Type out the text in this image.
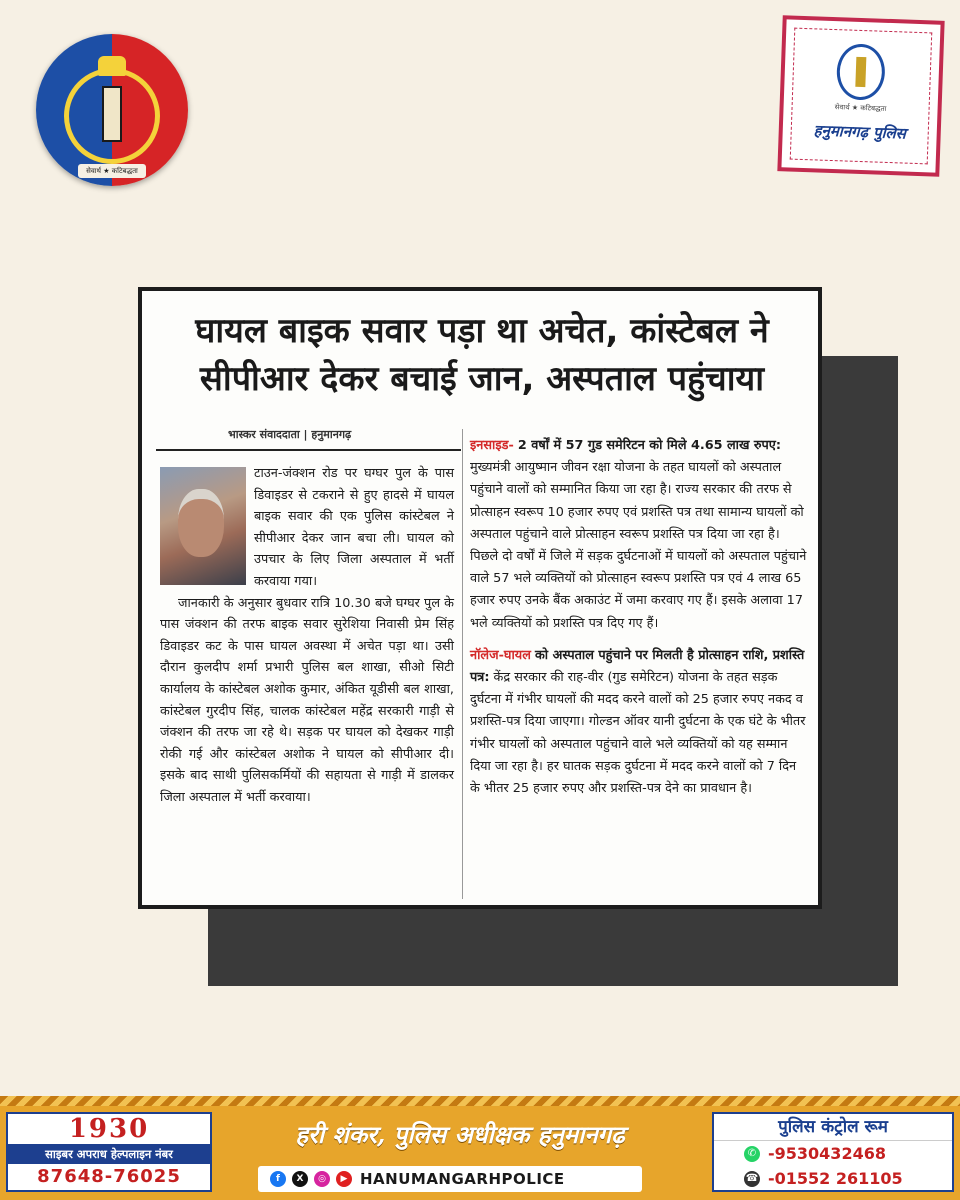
सेवार्थ ★ कटिबद्धता
सेवार्थ ★ कटिबद्धता
हनुमानगढ़ पुलिस
घायल बाइक सवार पड़ा था अचेत, कांस्टेबल ने
सीपीआर देकर बचाई जान, अस्पताल पहुंचाया
भास्कर संवाददाता | हनुमानगढ़
टाउन-जंक्शन रोड पर घग्घर पुल के पास डिवाइडर से टकराने से हुए हादसे में घायल बाइक सवार की एक पुलिस कांस्टेबल ने सीपीआर देकर जान बचा ली। घायल को उपचार के लिए जिला अस्पताल में भर्ती करवाया गया।
जानकारी के अनुसार बुधवार रात्रि 10.30 बजे घग्घर पुल के पास जंक्शन की तरफ बाइक सवार सुरेशिया निवासी प्रेम सिंह डिवाइडर कट के पास घायल अवस्था में अचेत पड़ा था। उसी दौरान कुलदीप शर्मा प्रभारी पुलिस बल शाखा, सीओ सिटी कार्यालय के कांस्टेबल अशोक कुमार, अंकित यूडीसी बल शाखा, कांस्टेबल गुरदीप सिंह, चालक कांस्टेबल महेंद्र सरकारी गाड़ी से जंक्शन की तरफ जा रहे थे। सड़क पर घायल को देखकर गाड़ी रोकी गई और कांस्टेबल अशोक ने घायल को सीपीआर दी। इसके बाद साथी पुलिसकर्मियों की सहायता से गाड़ी में डालकर जिला अस्पताल में भर्ती करवाया।

इनसाइड- 2 वर्षों में 57 गुड समेरिटन को मिले 4.65 लाख रुपए: मुख्यमंत्री आयुष्मान जीवन रक्षा योजना के तहत घायलों को अस्पताल पहुंचाने वालों को सम्मानित किया जा रहा है। राज्य सरकार की तरफ से प्रोत्साहन स्वरूप 10 हजार रुपए एवं प्रशस्ति पत्र तथा सामान्य घायलों को अस्पताल पहुंचाने वाले प्रोत्साहन स्वरूप प्रशस्ति पत्र दिया जा रहा है। पिछले दो वर्षों में जिले में सड़क दुर्घटनाओं में घायलों को अस्पताल पहुंचाने वाले 57 भले व्यक्तियों को प्रोत्साहन स्वरूप प्रशस्ति पत्र एवं 4 लाख 65 हजार रुपए उनके बैंक अकाउंट में जमा करवाए गए हैं। इसके अलावा 17 भले व्यक्तियों को प्रशस्ति पत्र दिए गए हैं।

नॉलेज-घायल को अस्पताल पहुंचाने पर मिलती है प्रोत्साहन राशि, प्रशस्ति पत्र: केंद्र सरकार की राह-वीर (गुड समेरिटन) योजना के तहत सड़क दुर्घटना में गंभीर घायलों की मदद करने वालों को 25 हजार रुपए नकद व प्रशस्ति-पत्र दिया जाएगा। गोल्डन ऑवर यानी दुर्घटना के एक घंटे के भीतर गंभीर घायलों को अस्पताल पहुंचाने वाले भले व्यक्तियों को यह सम्मान दिया जा रहा है। हर घातक सड़क दुर्घटना में मदद करने वालों को 7 दिन के भीतर 25 हजार रुपए और प्रशस्ति-पत्र देने का प्रावधान है।

1930
साइबर अपराध हेल्पलाइन नंबर
87648-76025
हरी शंकर, पुलिस अधीक्षक हनुमानगढ़
f	X	◎	▶ HANUMANGARHPOLICE
पुलिस कंट्रोल रूम
✆ -9530432468
☎ -01552 261105
